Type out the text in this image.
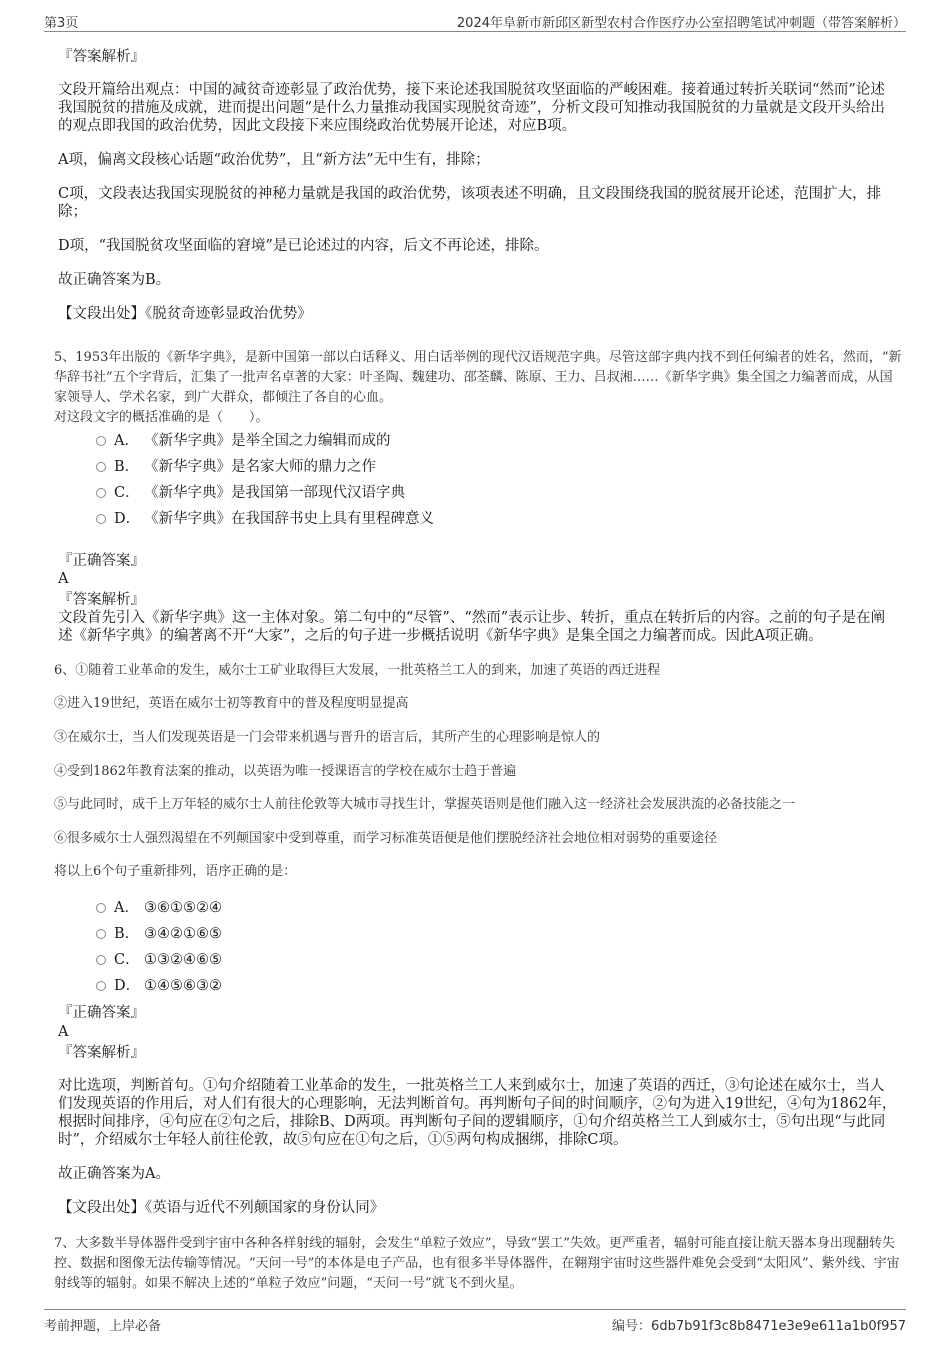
第3页	2024年阜新市新邱区新型农村合作医疗办公室招聘笔试冲刺题（带答案解析）
『答案解析』
文段开篇给出观点：中国的减贫奇迹彰显了政治优势，接下来论述我国脱贫攻坚面临的严峻困难。接着通过转折关联词“然而”论述我国脱贫的措施及成就，进而提出问题“是什么力量推动我国实现脱贫奇迹”，分析文段可知推动我国脱贫的力量就是文段开头给出的观点即我国的政治优势，因此文段接下来应围绕政治优势展开论述，对应B项。
A项，偏离文段核心话题“政治优势”，且“新方法”无中生有，排除；
C项，文段表达我国实现脱贫的神秘力量就是我国的政治优势，该项表述不明确，且文段围绕我国的脱贫展开论述，范围扩大，排除；
D项，“我国脱贫攻坚面临的窘境”是已论述过的内容，后文不再论述，排除。
故正确答案为B。
【文段出处】《脱贫奇迹彰显政治优势》
5、1953年出版的《新华字典》，是新中国第一部以白话释义、用白话举例的现代汉语规范字典。尽管这部字典内找不到任何编者的姓名，然而，“新华辞书社”五个字背后，汇集了一批声名卓著的大家：叶圣陶、魏建功、邵荃麟、陈原、王力、吕叔湘……《新华字典》集全国之力编著而成，从国家领导人、学术名家，到广大群众，都倾注了各自的心血。
对这段文字的概括准确的是（　　）。
A． 《新华字典》是举全国之力编辑而成的
B． 《新华字典》是名家大师的鼎力之作
C． 《新华字典》是我国第一部现代汉语字典
D． 《新华字典》在我国辞书史上具有里程碑意义
『正确答案』
A
『答案解析』
文段首先引入《新华字典》这一主体对象。第二句中的“尽管”、“然而”表示让步、转折，重点在转折后的内容。之前的句子是在阐述《新华字典》的编著离不开“大家”，之后的句子进一步概括说明《新华字典》是集全国之力编著而成。因此A项正确。
6、①随着工业革命的发生，威尔士工矿业取得巨大发展，一批英格兰工人的到来，加速了英语的西迁进程
②进入19世纪，英语在威尔士初等教育中的普及程度明显提高
③在威尔士，当人们发现英语是一门会带来机遇与晋升的语言后，其所产生的心理影响是惊人的
④受到1862年教育法案的推动，以英语为唯一授课语言的学校在威尔士趋于普遍
⑤与此同时，成千上万年轻的威尔士人前往伦敦等大城市寻找生计，掌握英语则是他们融入这一经济社会发展洪流的必备技能之一
⑥很多威尔士人强烈渴望在不列颠国家中受到尊重，而学习标准英语便是他们摆脱经济社会地位相对弱势的重要途径
将以上6个句子重新排列，语序正确的是：
A． ③⑥①⑤②④
B． ③④②①⑥⑤
C． ①③②④⑥⑤
D． ①④⑤⑥③②
『正确答案』
A
『答案解析』
对比选项，判断首句。①句介绍随着工业革命的发生，一批英格兰工人来到威尔士，加速了英语的西迁，③句论述在威尔士，当人们发现英语的作用后，对人们有很大的心理影响，无法判断首句。再判断句子间的时间顺序，②句为进入19世纪，④句为1862年，根据时间排序，④句应在②句之后，排除B、D两项。再判断句子间的逻辑顺序，①句介绍英格兰工人到威尔士，⑤句出现“与此同时”，介绍威尔士年轻人前往伦敦，故⑤句应在①句之后，①⑤两句构成捆绑，排除C项。
故正确答案为A。
【文段出处】《英语与近代不列颠国家的身份认同》
7、大多数半导体器件受到宇宙中各种各样射线的辐射，会发生“单粒子效应”，导致“罢工”失效。更严重者，辐射可能直接让航天器本身出现翻转失控、数据和图像无法传输等情况。“天问一号”的本体是电子产品，也有很多半导体器件，在翱翔宇宙时这些器件难免会受到“太阳风”、紫外线、宇宙射线等的辐射。如果不解决上述的“单粒子效应”问题，“天问一号”就飞不到火星。
考前押题，上岸必备	编号：6db7b91f3c8b8471e3e9e611a1b0f957
